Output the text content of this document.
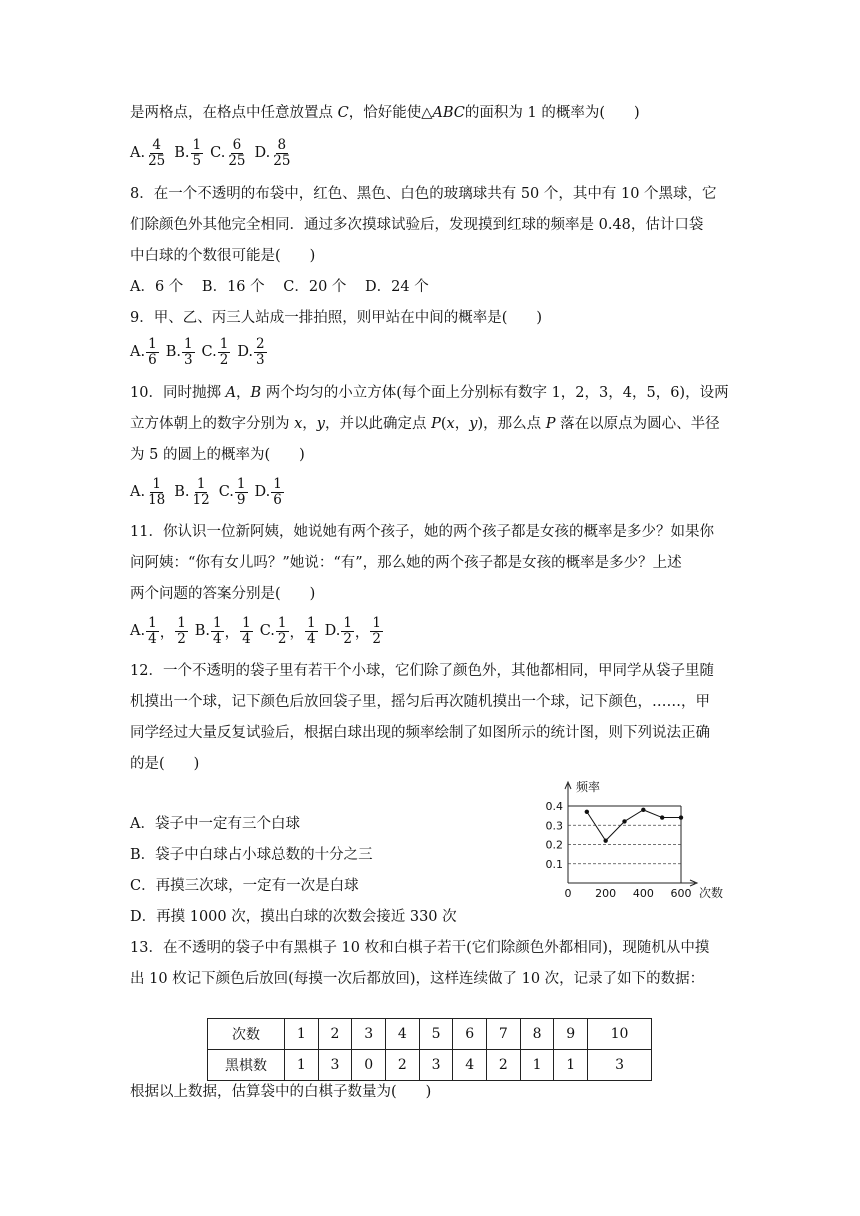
是两格点，在格点中任意放置点 C，恰好能使△ABC的面积为 1 的概率为(　　)
A. $\frac{4}{25} B$. $\frac{1}{5} C$. $\frac{6}{25} D$. $\frac{8}{25}$
8．在一个不透明的布袋中，红色、黑色、白色的玻璃球共有 50 个，其中有 10 个黑球，它
们除颜色外其他完全相同．通过多次摸球试验后，发现摸到红球的频率是 0.48，估计口袋
中白球的个数很可能是(　　)
A．6 个 B．16 个 C．20 个 D．24 个
9．甲、乙、丙三人站成一排拍照，则甲站在中间的概率是(　　)
A. $\frac{1}{6} B$. $\frac{1}{3} C$. $\frac{1}{2} D$. $\frac{2}{3}$
10．同时抛掷 A，B 两个均匀的小立方体(每个面上分别标有数字 1，2，3，4，5，6)，设两
立方体朝上的数字分别为 x，y，并以此确定点 P(x，y)，那么点 P 落在以原点为圆心、半径
为 5 的圆上的概率为(　　)
A. $\frac{1}{18} B$. $\frac{1}{12} C$. $\frac{1}{9} D$. $\frac{1}{6}$
11．你认识一位新阿姨，她说她有两个孩子，她的两个孩子都是女孩的概率是多少？如果你
问阿姨：“你有女儿吗？”她说：“有”，那么她的两个孩子都是女孩的概率是多少？上述
两个问题的答案分别是(　　)
A. $\frac{1}{4}$ ， $\frac{1}{2} B$. $\frac{1}{4}$ ， $\frac{1}{4} C$. $\frac{1}{2}$ ， $\frac{1}{4} D$. $\frac{1}{2}$ ， $\frac{1}{2}$
12．一个不透明的袋子里有若干个小球，它们除了颜色外，其他都相同，甲同学从袋子里随
机摸出一个球，记下颜色后放回袋子里，摇匀后再次随机摸出一个球，记下颜色，……，甲
同学经过大量反复试验后，根据白球出现的频率绘制了如图所示的统计图，则下列说法正确
的是(　　)
A．袋子中一定有三个白球
B．袋子中白球占小球总数的十分之三
C．再摸三次球，一定有一次是白球
D．再摸 1000 次，摸出白球的次数会接近 330 次
0.1
0.2
0.3
0.4
0 200 400 600
频率
次数
13．在不透明的袋子中有黑棋子 10 枚和白棋子若干(它们除颜色外都相同)，现随机从中摸
出 10 枚记下颜色后放回(每摸一次后都放回)，这样连续做了 10 次，记录了如下的数据：
次数	1	2	3	4	5	6	7	8	9	10
黑棋数	1	3	0	2	3	4	2	1	1	3
根据以上数据，估算袋中的白棋子数量为(　　)
